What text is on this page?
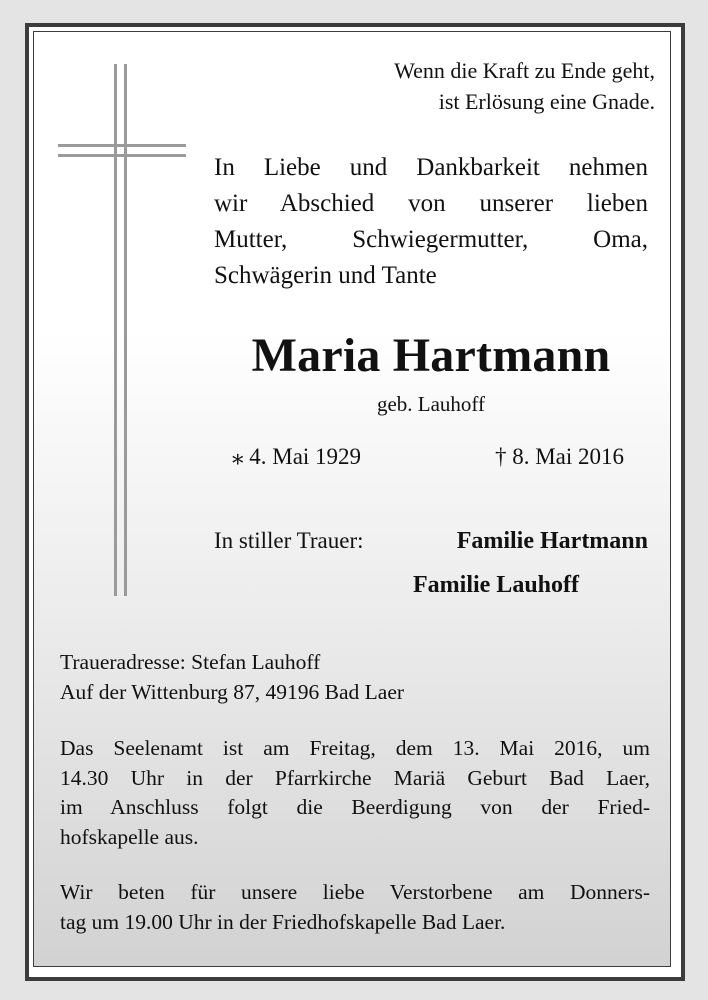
Wenn die Kraft zu Ende geht,
ist Erlösung eine Gnade.
In Liebe und Dankbarkeit nehmen
wir Abschied von unserer lieben
Mutter, Schwiegermutter, Oma,
Schwägerin und Tante
Maria Hartmann
geb. Lauhoff
⁎ 4. Mai 1929	† 8. Mai 2016
In stiller Trauer:	Familie Hartmann
Familie Lauhoff
Traueradresse: Stefan Lauhoff
Auf der Wittenburg 87, 49196 Bad Laer
Das Seelenamt ist am Freitag, dem 13. Mai 2016, um
14.30 Uhr in der Pfarrkirche Mariä Geburt Bad Laer,
im Anschluss folgt die Beerdigung von der Fried-
hofskapelle aus.
Wir beten für unsere liebe Verstorbene am Donners-
tag um 19.00 Uhr in der Friedhofskapelle Bad Laer.
